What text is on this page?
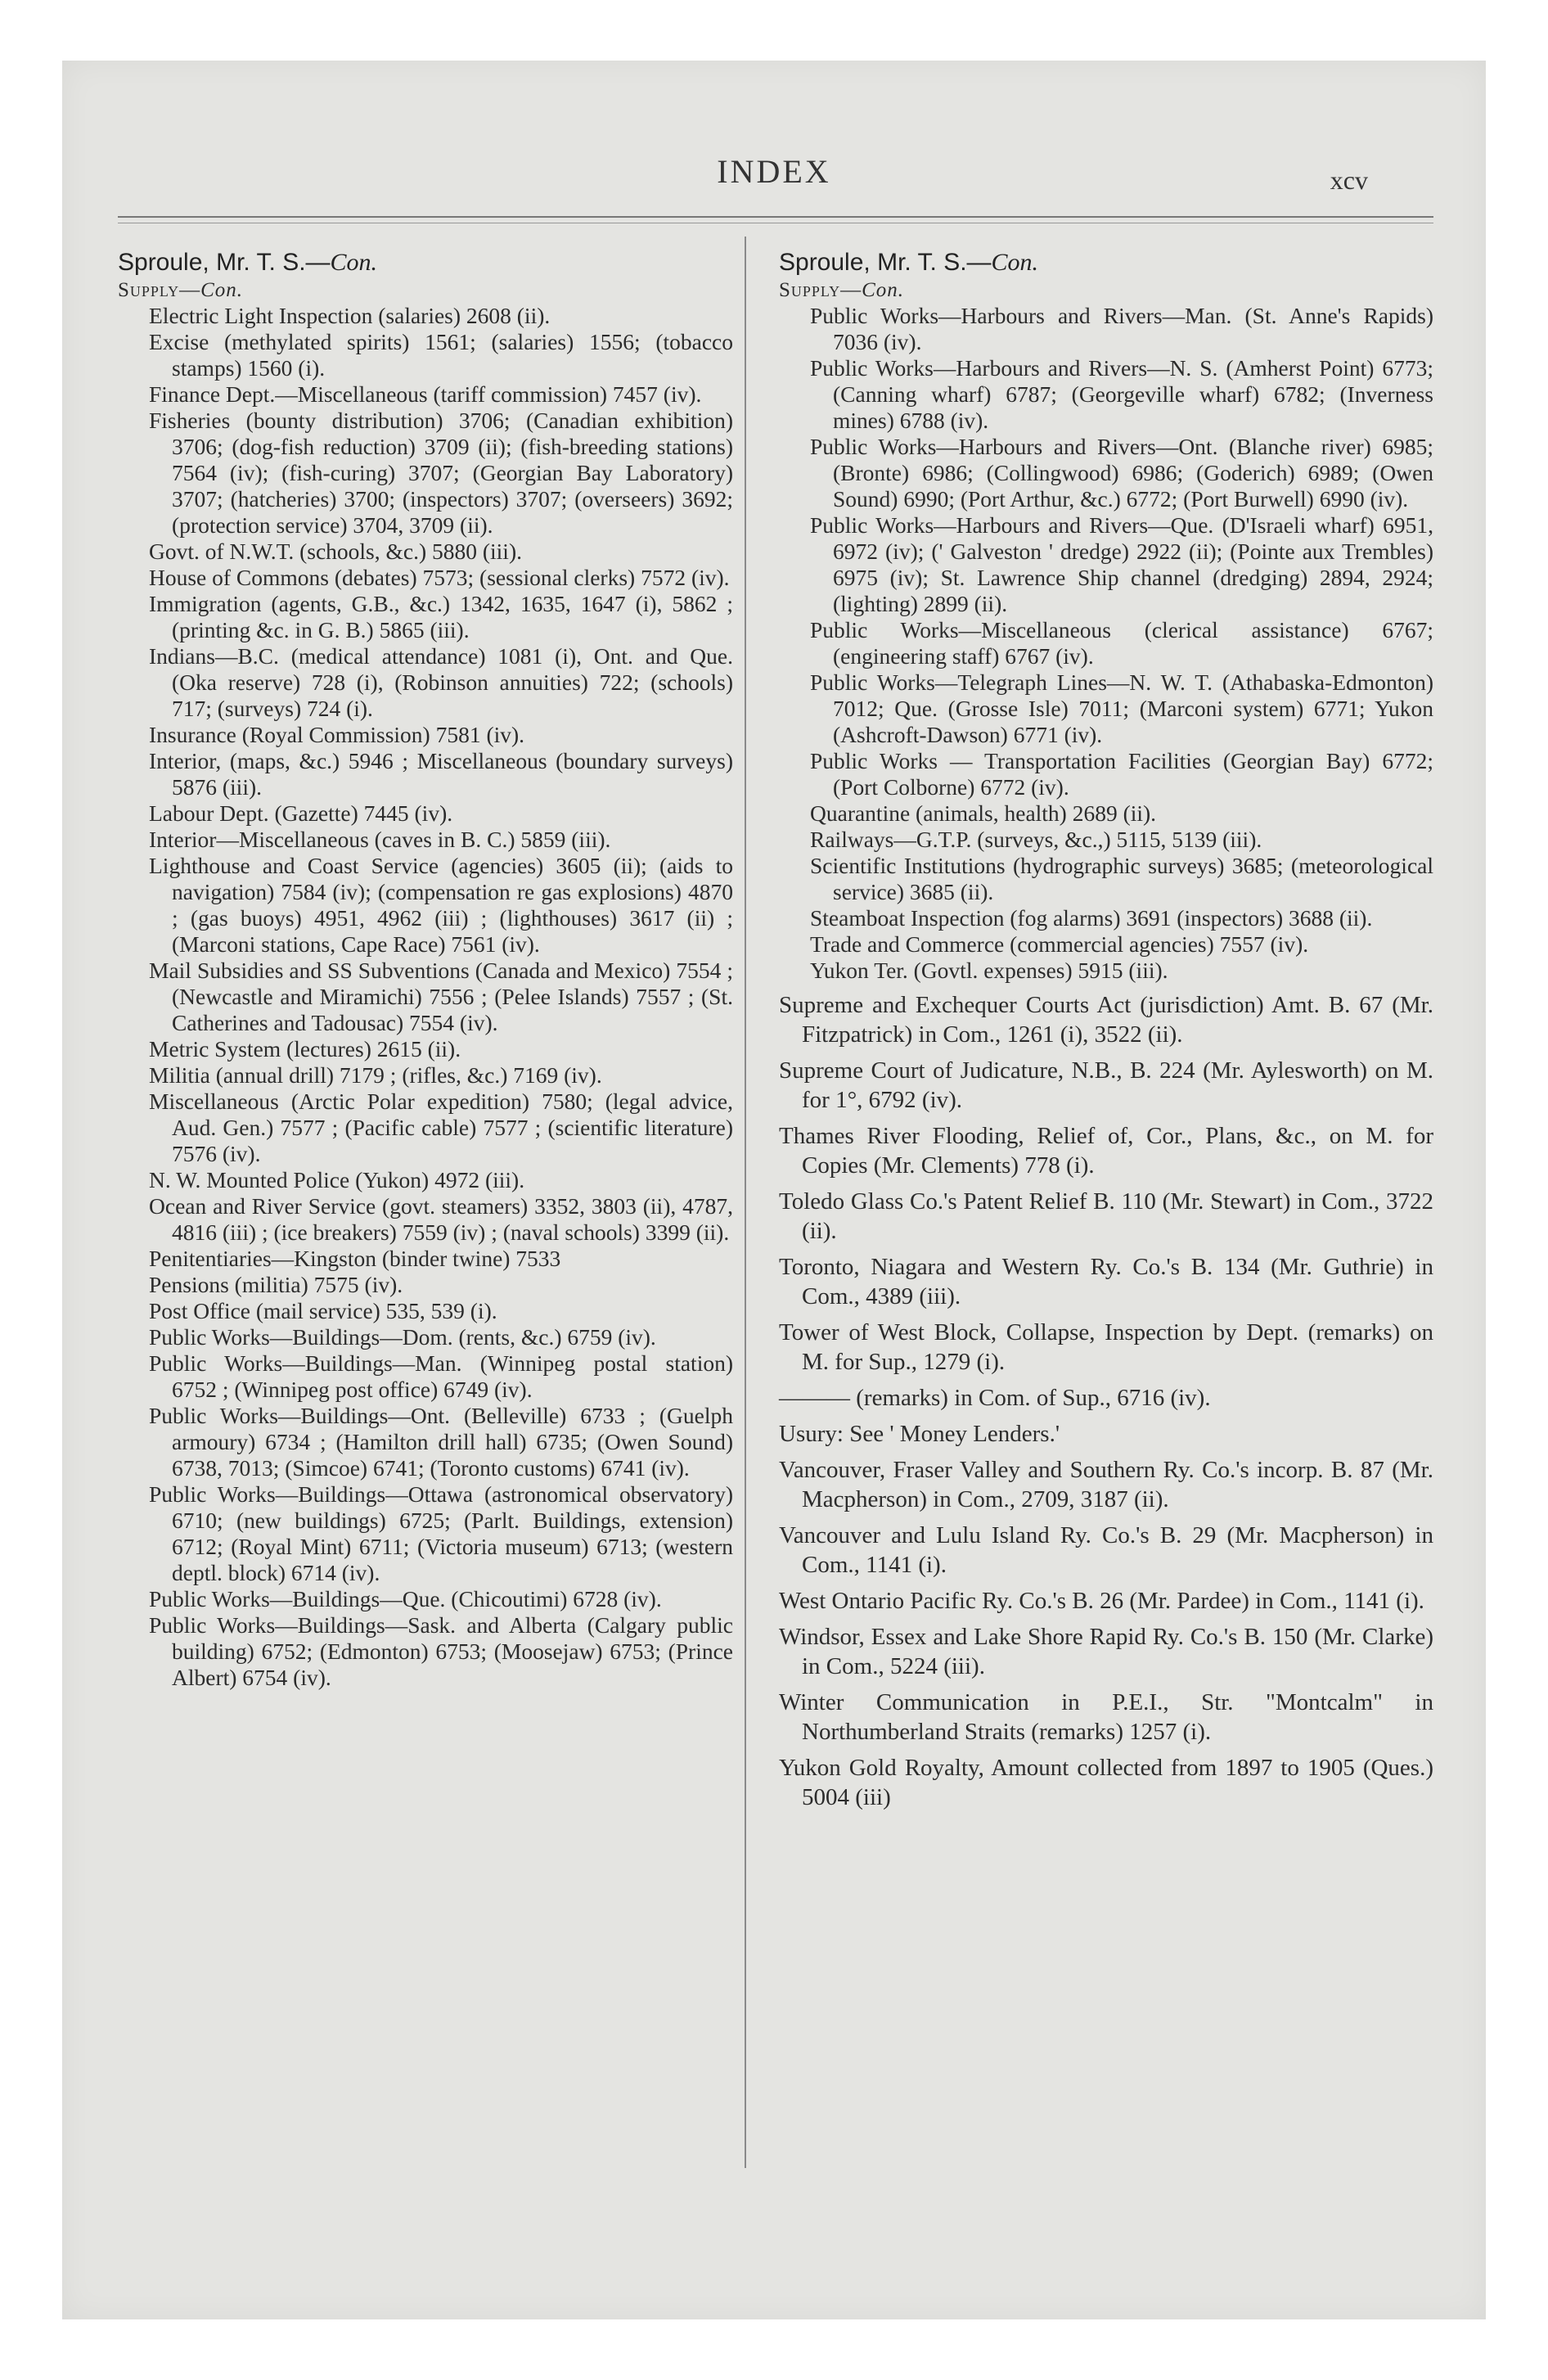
INDEX	xcv
Sproule, Mr. T. S.—Con.
Supply—Con.
Electric Light Inspection (salaries) 2608 (ii).
Excise (methylated spirits) 1561; (salaries) 1556; (tobacco stamps) 1560 (i).
Finance Dept.—Miscellaneous (tariff commission) 7457 (iv).
Fisheries (bounty distribution) 3706; (Canadian exhibition) 3706; (dog-fish reduction) 3709 (ii); (fish-breeding stations) 7564 (iv); (fish-curing) 3707; (Georgian Bay Laboratory) 3707; (hatcheries) 3700; (inspectors) 3707; (overseers) 3692; (protection service) 3704, 3709 (ii).
Govt. of N.W.T. (schools, &c.) 5880 (iii).
House of Commons (debates) 7573; (sessional clerks) 7572 (iv).
Immigration (agents, G.B., &c.) 1342, 1635, 1647 (i), 5862 ; (printing &c. in G. B.) 5865 (iii).
Indians—B.C. (medical attendance) 1081 (i), Ont. and Que. (Oka reserve) 728 (i), (Robinson annuities) 722; (schools) 717; (surveys) 724 (i).
Insurance (Royal Commission) 7581 (iv).
Interior, (maps, &c.) 5946 ; Miscellaneous (boundary surveys) 5876 (iii).
Labour Dept. (Gazette) 7445 (iv).
Interior—Miscellaneous (caves in B. C.) 5859 (iii).
Lighthouse and Coast Service (agencies) 3605 (ii); (aids to navigation) 7584 (iv); (compensation re gas explosions) 4870 ; (gas buoys) 4951, 4962 (iii) ; (lighthouses) 3617 (ii) ; (Marconi stations, Cape Race) 7561 (iv).
Mail Subsidies and SS Subventions (Canada and Mexico) 7554 ; (Newcastle and Miramichi) 7556 ; (Pelee Islands) 7557 ; (St. Catherines and Tadousac) 7554 (iv).
Metric System (lectures) 2615 (ii).
Militia (annual drill) 7179 ; (rifles, &c.) 7169 (iv).
Miscellaneous (Arctic Polar expedition) 7580; (legal advice, Aud. Gen.) 7577 ; (Pacific cable) 7577 ; (scientific literature) 7576 (iv).
N. W. Mounted Police (Yukon) 4972 (iii).
Ocean and River Service (govt. steamers) 3352, 3803 (ii), 4787, 4816 (iii) ; (ice breakers) 7559 (iv) ; (naval schools) 3399 (ii).
Penitentiaries—Kingston (binder twine) 7533
Pensions (militia) 7575 (iv).
Post Office (mail service) 535, 539 (i).
Public Works—Buildings—Dom. (rents, &c.) 6759 (iv).
Public Works—Buildings—Man. (Winnipeg postal station) 6752 ; (Winnipeg post office) 6749 (iv).
Public Works—Buildings—Ont. (Belleville) 6733 ; (Guelph armoury) 6734 ; (Hamilton drill hall) 6735; (Owen Sound) 6738, 7013; (Simcoe) 6741; (Toronto customs) 6741 (iv).
Public Works—Buildings—Ottawa (astronomical observatory) 6710; (new buildings) 6725; (Parlt. Buildings, extension) 6712; (Royal Mint) 6711; (Victoria museum) 6713; (western deptl. block) 6714 (iv).
Public Works—Buildings—Que. (Chicoutimi) 6728 (iv).
Public Works—Buildings—Sask. and Alberta (Calgary public building) 6752; (Edmonton) 6753; (Moosejaw) 6753; (Prince Albert) 6754 (iv).
Sproule, Mr. T. S.—Con.
Supply—Con.
Public Works—Harbours and Rivers—Man. (St. Anne's Rapids) 7036 (iv).
Public Works—Harbours and Rivers—N. S. (Amherst Point) 6773; (Canning wharf) 6787; (Georgeville wharf) 6782; (Inverness mines) 6788 (iv).
Public Works—Harbours and Rivers—Ont. (Blanche river) 6985; (Bronte) 6986; (Collingwood) 6986; (Goderich) 6989; (Owen Sound) 6990; (Port Arthur, &c.) 6772; (Port Burwell) 6990 (iv).
Public Works—Harbours and Rivers—Que. (D'Israeli wharf) 6951, 6972 (iv); (' Galveston ' dredge) 2922 (ii); (Pointe aux Trembles) 6975 (iv); St. Lawrence Ship channel (dredging) 2894, 2924; (lighting) 2899 (ii).
Public Works—Miscellaneous (clerical assistance) 6767; (engineering staff) 6767 (iv).
Public Works—Telegraph Lines—N. W. T. (Athabaska-Edmonton) 7012; Que. (Grosse Isle) 7011; (Marconi system) 6771; Yukon (Ashcroft-Dawson) 6771 (iv).
Public Works — Transportation Facilities (Georgian Bay) 6772; (Port Colborne) 6772 (iv).
Quarantine (animals, health) 2689 (ii).
Railways—G.T.P. (surveys, &c.,) 5115, 5139 (iii).
Scientific Institutions (hydrographic surveys) 3685; (meteorological service) 3685 (ii).
Steamboat Inspection (fog alarms) 3691 (inspectors) 3688 (ii).
Trade and Commerce (commercial agencies) 7557 (iv).
Yukon Ter. (Govtl. expenses) 5915 (iii).
Supreme and Exchequer Courts Act (jurisdiction) Amt. B. 67 (Mr. Fitzpatrick) in Com., 1261 (i), 3522 (ii).
Supreme Court of Judicature, N.B., B. 224 (Mr. Aylesworth) on M. for 1°, 6792 (iv).
Thames River Flooding, Relief of, Cor., Plans, &c., on M. for Copies (Mr. Clements) 778 (i).
Toledo Glass Co.'s Patent Relief B. 110 (Mr. Stewart) in Com., 3722 (ii).
Toronto, Niagara and Western Ry. Co.'s B. 134 (Mr. Guthrie) in Com., 4389 (iii).
Tower of West Block, Collapse, Inspection by Dept. (remarks) on M. for Sup., 1279 (i).
——— (remarks) in Com. of Sup., 6716 (iv).
Usury: See ' Money Lenders.'
Vancouver, Fraser Valley and Southern Ry. Co.'s incorp. B. 87 (Mr. Macpherson) in Com., 2709, 3187 (ii).
Vancouver and Lulu Island Ry. Co.'s B. 29 (Mr. Macpherson) in Com., 1141 (i).
West Ontario Pacific Ry. Co.'s B. 26 (Mr. Pardee) in Com., 1141 (i).
Windsor, Essex and Lake Shore Rapid Ry. Co.'s B. 150 (Mr. Clarke) in Com., 5224 (iii).
Winter Communication in P.E.I., Str. "Montcalm" in Northumberland Straits (remarks) 1257 (i).
Yukon Gold Royalty, Amount collected from 1897 to 1905 (Ques.) 5004 (iii)
